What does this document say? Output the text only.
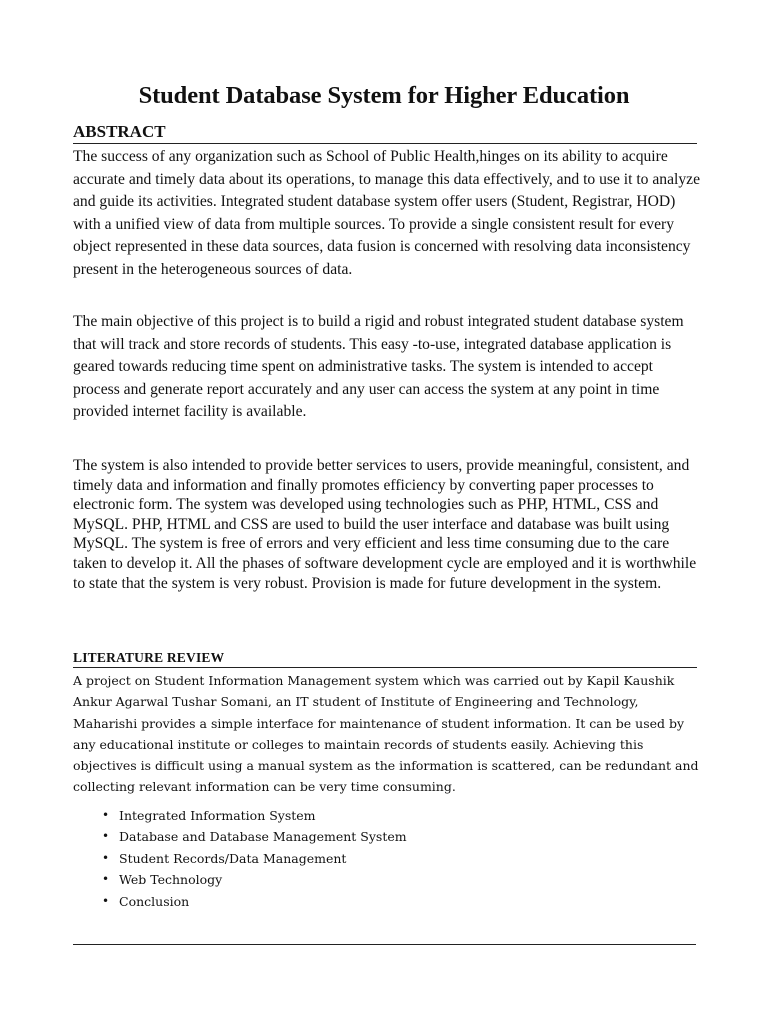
Student Database System for Higher Education
ABSTRACT

The success of any organization such as School of Public Health,hinges on its ability to acquire accurate and timely data about its operations, to manage this data effectively, and to use it to analyze and guide its activities. Integrated student database system offer users (Student, Registrar, HOD) with a unified view of data from multiple sources. To provide a single consistent result for every object represented in these data sources, data fusion is concerned with resolving data inconsistency present in the heterogeneous sources of data.

The main objective of this project is to build a rigid and robust integrated student database system that will track and store records of students. This easy -to-use, integrated database application is geared towards reducing time spent on administrative tasks. The system is intended to accept process and generate report accurately and any user can access the system at any point in time provided internet facility is available.

The system is also intended to provide better services to users, provide meaningful, consistent, and timely data and information and finally promotes efficiency by converting paper processes to electronic form. The system was developed using technologies such as PHP, HTML, CSS and MySQL. PHP, HTML and CSS are used to build the user interface and database was built using MySQL. The system is free of errors and very efficient and less time consuming due to the care taken to develop it. All the phases of software development cycle are employed and it is worthwhile to state that the system is very robust. Provision is made for future development in the system.

LITERATURE REVIEW

A project on Student Information Management system which was carried out by Kapil Kaushik Ankur Agarwal Tushar Somani, an IT student of Institute of Engineering and Technology, Maharishi provides a simple interface for maintenance of student information. It can be used by any educational institute or colleges to maintain records of students easily. Achieving this objectives is difficult using a manual system as the information is scattered, can be redundant and collecting relevant information can be very time consuming.

• Integrated Information System
• Database and Database Management System
• Student Records/Data Management
• Web Technology
• Conclusion
